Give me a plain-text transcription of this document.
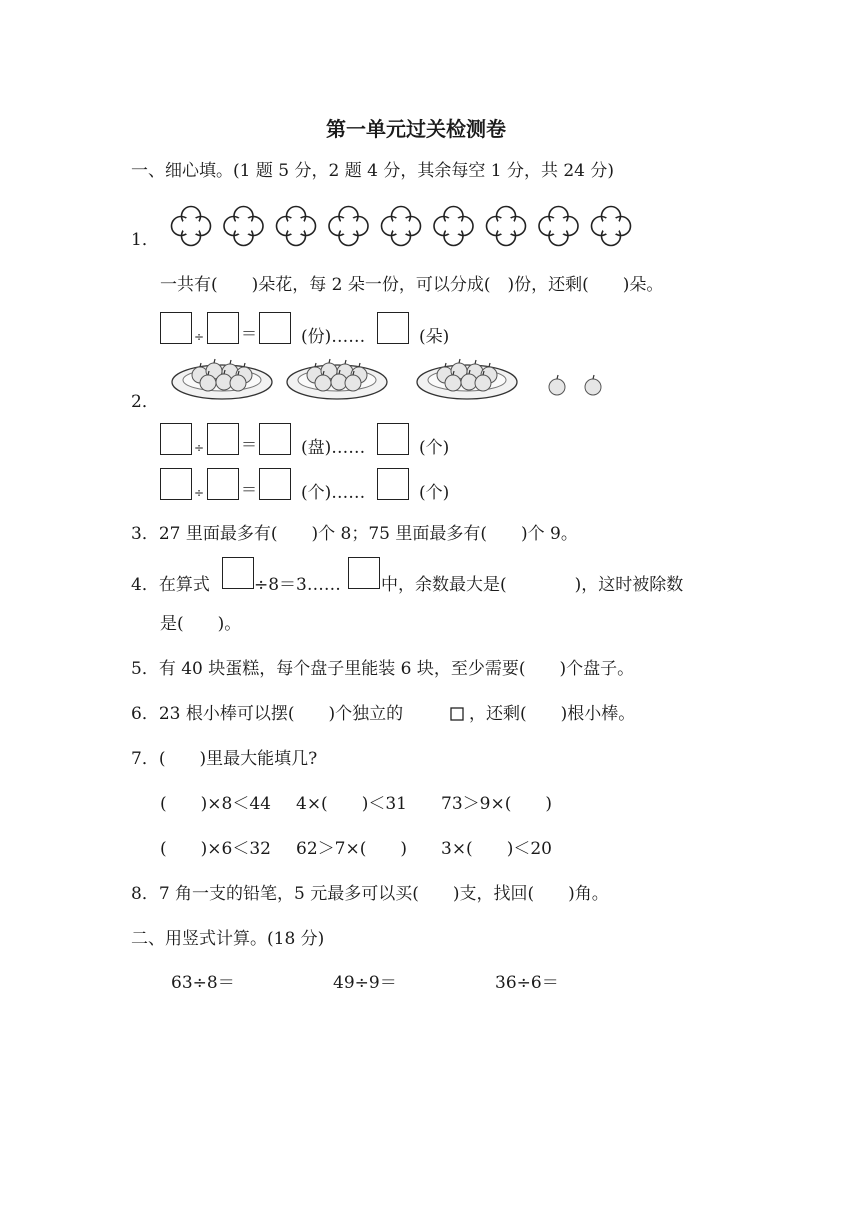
第一单元过关检测卷
一、细心填。(1 题 5 分，2 题 4 分，其余每空 1 分，共 24 分)
1．
一共有(　　)朵花，每 2 朵一份，可以分成(　)份，还剩(　　)朵。
÷ ＝	(份)……	(朵)
2．
÷ ＝	(盘)……	(个)
÷ ＝	(个)……	(个)
3．27 里面最多有(　　)个 8；75 里面最多有(　　)个 9。
4．在算式	÷8＝3…… 中，余数最大是(　　　　)，这时被除数
是(　　)。
5．有 40 块蛋糕，每个盘子里能装 6 块，至少需要(　　)个盘子。
6．23 根小棒可以摆(　　)个独立的	，还剩(　　)根小棒。
7．(　　)里最大能填几?
(　　)×8＜44 4×(　　)＜31 73＞9×(　　)
(　　)×6＜32 62＞7×(　　) 3×(　　)＜20
8．7 角一支的铅笔，5 元最多可以买(　　)支，找回(　　)角。
二、用竖式计算。(18 分)
63÷8＝	49÷9＝	36÷6＝
